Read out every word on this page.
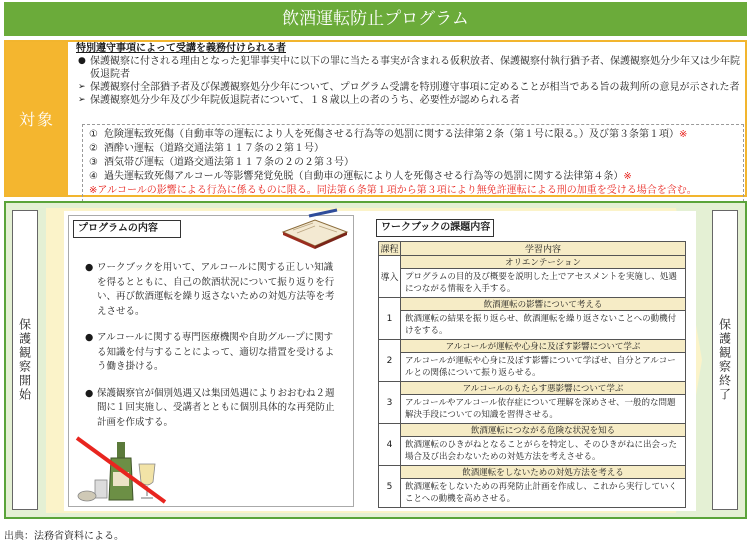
飲酒運転防止プログラム
対象
特別遵守事項によって受講を義務付けられる者
● 保護観察に付される理由となった犯罪事実中に以下の罪に当たる事実が含まれる仮釈放者、保護観察付執行猶予者、保護観察処分少年又は少年院仮退院者
➢ 保護観察付全部猶予者及び保護観察処分少年について、プログラム受講を特別遵守事項に定めることが相当である旨の裁判所の意見が示された者
➢ 保護観察処分少年及び少年院仮退院者について、１８歳以上の者のうち、必要性が認められる者
① 危険運転致死傷（自動車等の運転により人を死傷させる行為等の処罰に関する法律第２条（第１号に限る。）及び第３条第１項）※
② 酒酔い運転（道路交通法第１１７条の２第１号）
③ 酒気帯び運転（道路交通法第１１７条の２の２第３号）
④ 過失運転致死傷アルコール等影響発覚免脱（自動車の運転により人を死傷させる行為等の処罰に関する法律第４条）※
※アルコールの影響による行為に係るものに限る。同法第６条第１項から第３項により無免許運転による刑の加重を受ける場合を含む。
保護観察開始
プログラムの内容
● ワークブックを用いて、アルコールに関する正しい知識を得るとともに、自己の飲酒状況について振り返りを行い、再び飲酒運転を繰り返さないための対処方法等を考えさせる。
● アルコールに関する専門医療機関や自助グループに関する知識を付与することによって、適切な措置を受けるよう働き掛ける。
● 保護観察官が個別処遇又は集団処遇によりおおむね２週間に１回実施し、受講者とともに個別具体的な再発防止計画を作成する。
ワークブックの課題内容
課程	学習内容
導入	オリエンテーション
	プログラムの目的及び概要を説明した上でアセスメントを実施し、処遇につながる情報を入手する。
1	飲酒運転の影響について考える
	飲酒運転の結果を振り返らせ、飲酒運転を繰り返さないことへの動機付けをする。
2	アルコールが運転や心身に及ぼす影響について学ぶ
	アルコールが運転や心身に及ぼす影響について学ばせ、自分とアルコールとの関係について振り返らせる。
3	アルコールのもたらす悪影響について学ぶ
	アルコールやアルコール依存症について理解を深めさせ、一般的な問題解決手段についての知識を習得させる。
4	飲酒運転につながる危険な状況を知る
	飲酒運転のひきがねとなることがらを特定し、そのひきがねに出会った場合及び出会わないための対処方法を考えさせる。
5	飲酒運転をしないための対処方法を考える
	飲酒運転をしないための再発防止計画を作成し、これから実行していくことへの動機を高めさせる。
保護観察終了
出典：法務省資料による。
